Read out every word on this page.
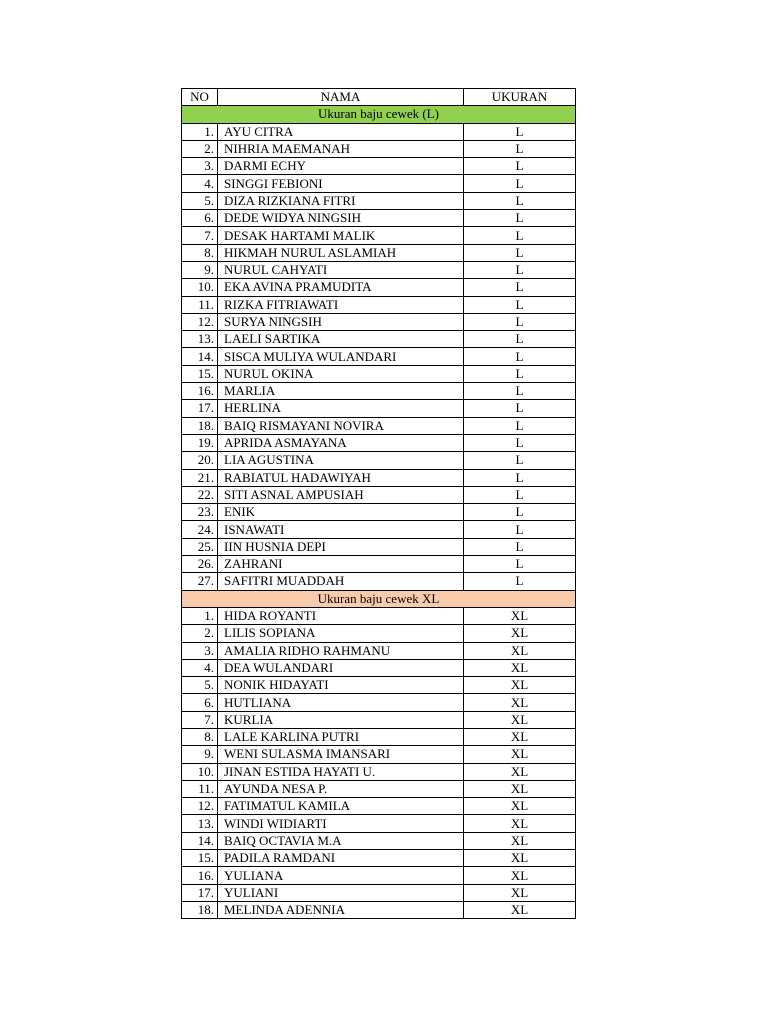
NO	NAMA	UKURAN
Ukuran baju cewek (L)		
1.	AYU CITRA	L
2.	NIHRIA MAEMANAH	L
3.	DARMI ECHY	L
4.	SINGGI FEBIONI	L
5.	DIZA RIZKIANA FITRI	L
6.	DEDE WIDYA NINGSIH	L
7.	DESAK HARTAMI MALIK	L
8.	HIKMAH NURUL ASLAMIAH	L
9.	NURUL CAHYATI	L
10.	EKA AVINA PRAMUDITA	L
11.	RIZKA FITRIAWATI	L
12.	SURYA NINGSIH	L
13.	LAELI SARTIKA	L
14.	SISCA MULIYA WULANDARI	L
15.	NURUL OKINA	L
16.	MARLIA	L
17.	HERLINA	L
18.	BAIQ RISMAYANI NOVIRA	L
19.	APRIDA ASMAYANA	L
20.	LIA AGUSTINA	L
21.	RABIATUL HADAWIYAH	L
22.	SITI ASNAL AMPUSIAH	L
23.	ENIK	L
24.	ISNAWATI	L
25.	IIN HUSNIA DEPI	L
26.	ZAHRANI	L
27.	SAFITRI MUADDAH	L
Ukuran baju cewek XL		
1.	HIDA ROYANTI	XL
2.	LILIS SOPIANA	XL
3.	AMALIA RIDHO RAHMANU	XL
4.	DEA WULANDARI	XL
5.	NONIK HIDAYATI	XL
6.	HUTLIANA	XL
7.	KURLIA	XL
8.	LALE KARLINA PUTRI	XL
9.	WENI SULASMA IMANSARI	XL
10.	JINAN ESTIDA HAYATI U.	XL
11.	AYUNDA NESA P.	XL
12.	FATIMATUL KAMILA	XL
13.	WINDI WIDIARTI	XL
14.	BAIQ OCTAVIA M.A	XL
15.	PADILA RAMDANI	XL
16.	YULIANA	XL
17.	YULIANI	XL
18.	MELINDA ADENNIA	XL
